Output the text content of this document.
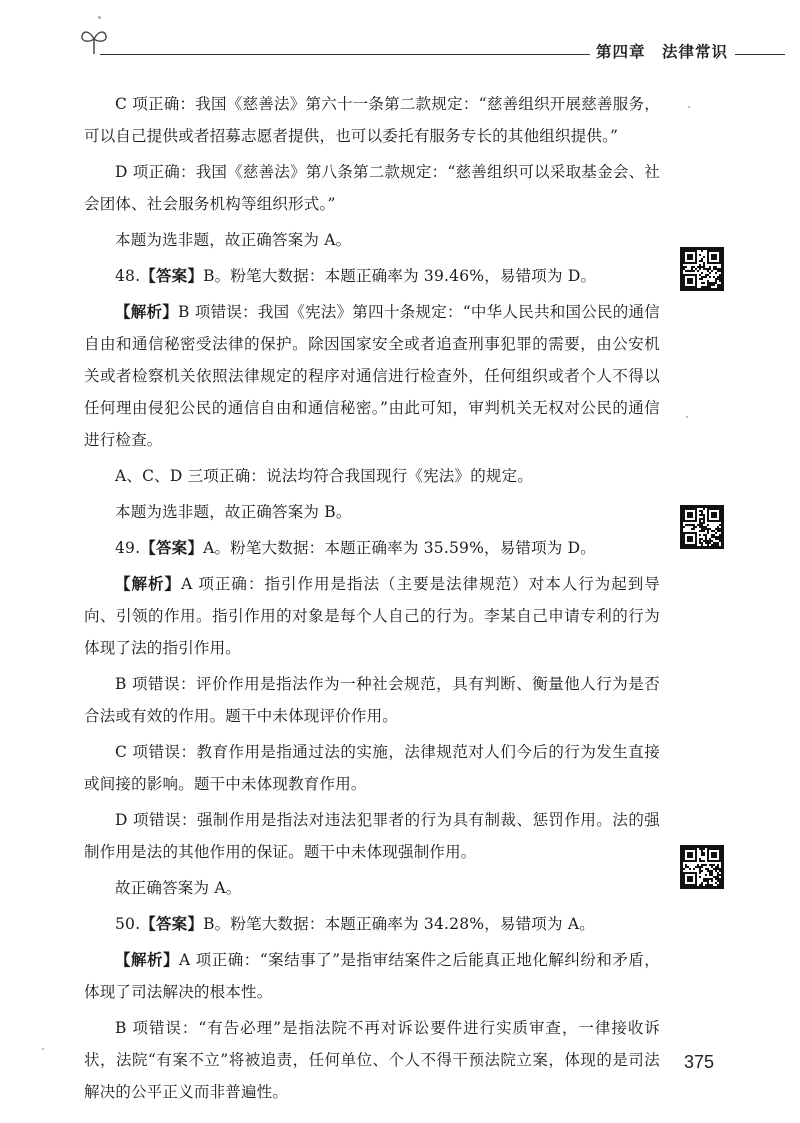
第四章　法律常识

C 项正确：我国《慈善法》第六十一条第二款规定：“慈善组织开展慈善服务，可以自己提供或者招募志愿者提供，也可以委托有服务专长的其他组织提供。”

D 项正确：我国《慈善法》第八条第二款规定：“慈善组织可以采取基金会、社会团体、社会服务机构等组织形式。”

本题为选非题，故正确答案为 A。

48.【答案】B。粉笔大数据：本题正确率为 39.46%，易错项为 D。

【解析】B 项错误：我国《宪法》第四十条规定：“中华人民共和国公民的通信自由和通信秘密受法律的保护。除因国家安全或者追查刑事犯罪的需要，由公安机关或者检察机关依照法律规定的程序对通信进行检查外，任何组织或者个人不得以任何理由侵犯公民的通信自由和通信秘密。”由此可知，审判机关无权对公民的通信进行检查。

A、C、D 三项正确：说法均符合我国现行《宪法》的规定。

本题为选非题，故正确答案为 B。

49.【答案】A。粉笔大数据：本题正确率为 35.59%，易错项为 D。

【解析】A 项正确：指引作用是指法（主要是法律规范）对本人行为起到导向、引领的作用。指引作用的对象是每个人自己的行为。李某自己申请专利的行为体现了法的指引作用。

B 项错误：评价作用是指法作为一种社会规范，具有判断、衡量他人行为是否合法或有效的作用。题干中未体现评价作用。

C 项错误：教育作用是指通过法的实施，法律规范对人们今后的行为发生直接或间接的影响。题干中未体现教育作用。

D 项错误：强制作用是指法对违法犯罪者的行为具有制裁、惩罚作用。法的强制作用是法的其他作用的保证。题干中未体现强制作用。

故正确答案为 A。

50.【答案】B。粉笔大数据：本题正确率为 34.28%，易错项为 A。

【解析】A 项正确：“案结事了”是指审结案件之后能真正地化解纠纷和矛盾，体现了司法解决的根本性。

B 项错误：“有告必理”是指法院不再对诉讼要件进行实质审查，一律接收诉状，法院“有案不立”将被追责，任何单位、个人不得干预法院立案，体现的是司法解决的公平正义而非普遍性。

375
